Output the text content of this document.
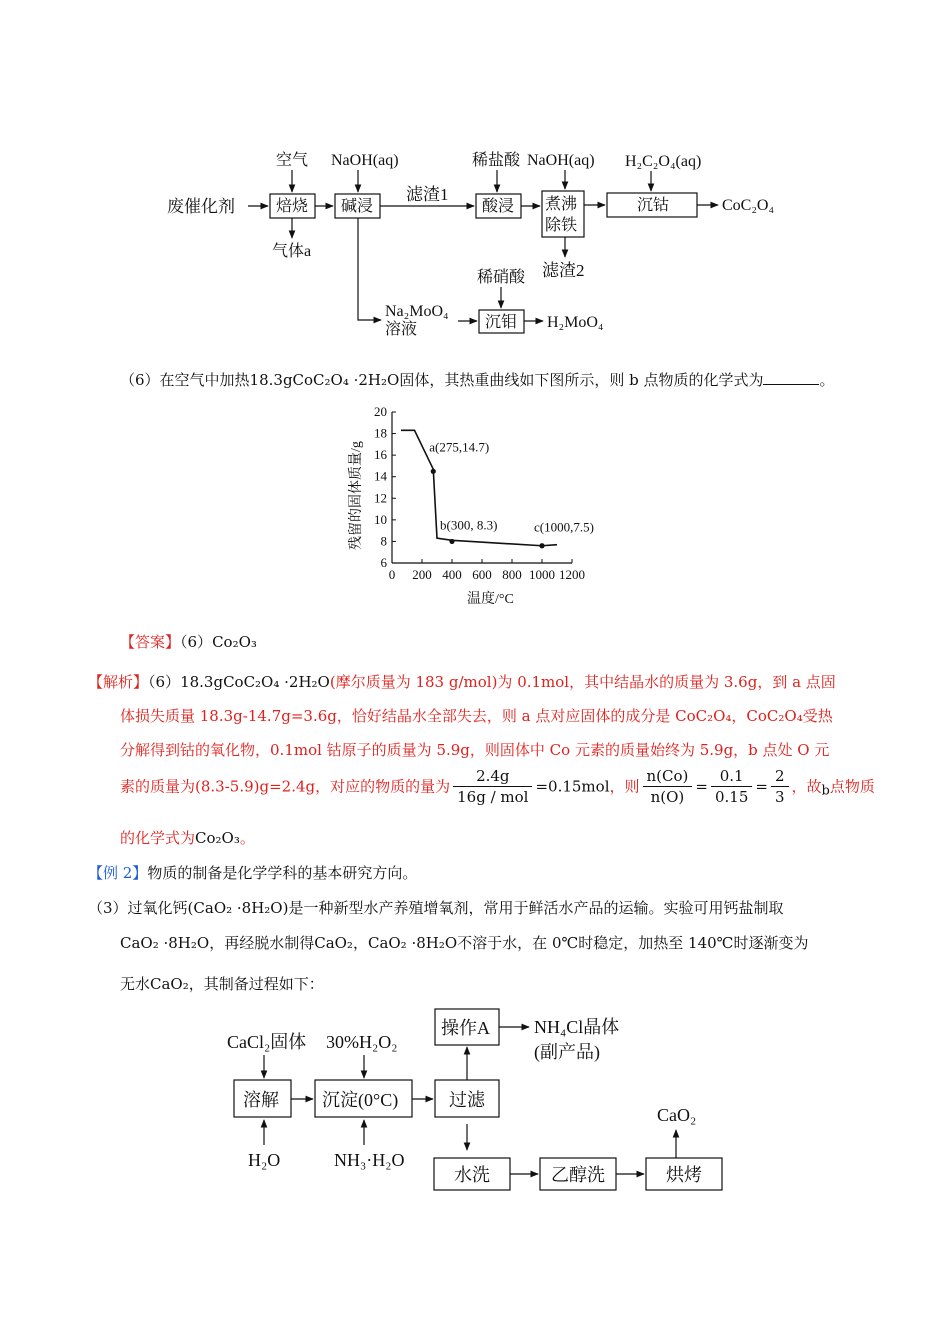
废催化剂	焙烧 碱浸	酸浸 煮沸
除铁
沉钴
沉钼
空气 NaOH(aq)	稀盐酸 NaOH(aq) H₂C₂O₄(aq)
稀硝酸
气体a
滤渣1
滤渣2
CoC₂O₄
Na₂MoO₄
溶液	H₂MoO₄
（6）在空气中加热18.3gCoC₂O₄ ·2H₂O固体，其热重曲线如下图所示，则 b 点物质的化学式为	。
6
8
10
12
14
16
18
20
0 200 400 600 800 1000 1200
a(275,14.7)
b(300, 8.3)	c(1000,7.5)
温度/°C
残留的固体质量/g
【答案】（6）Co₂O₃
【解析】（6）18.3gCoC₂O₄ ·2H₂O(摩尔质量为 183 g/mol)为 0.1mol，其中结晶水的质量为 3.6g，到 a 点固
体损失质量 18.3g-14.7g=3.6g，恰好结晶水全部失去，则 a 点对应固体的成分是 CoC₂O₄，CoC₂O₄受热
分解得到钴的氧化物，0.1mol 钴原子的质量为 5.9g，则固体中 Co 元素的质量始终为 5.9g，b 点处 O 元
素的质量为(8.3-5.9)g=2.4g，对应的物质的量为 $\frac{2.4g}{\text{16g / mol}} =0.15mol$，则 $\frac{n(Co)}{n(O)} = \frac{0.1}{0.15} = \frac{2}{3}$ ，故b点物质
的化学式为Co₂O₃。
【例 2】物质的制备是化学学科的基本研究方向。
（3）过氧化钙(CaO₂ ·8H₂O)是一种新型水产养殖增氧剂，常用于鲜活水产品的运输。实验可用钙盐制取
CaO₂ ·8H₂O，再经脱水制得CaO₂，CaO₂ ·8H₂O不溶于水，在 0℃时稳定，加热至 140℃时逐渐变为
无水CaO₂，其制备过程如下：
CaCl₂固体 30%H₂O₂
溶解 沉淀(0°C)	过滤
操作A NH₄Cl晶体
(副产品)
H₂O	NH₃·H₂O
水洗	乙醇洗	烘烤
CaO₂
